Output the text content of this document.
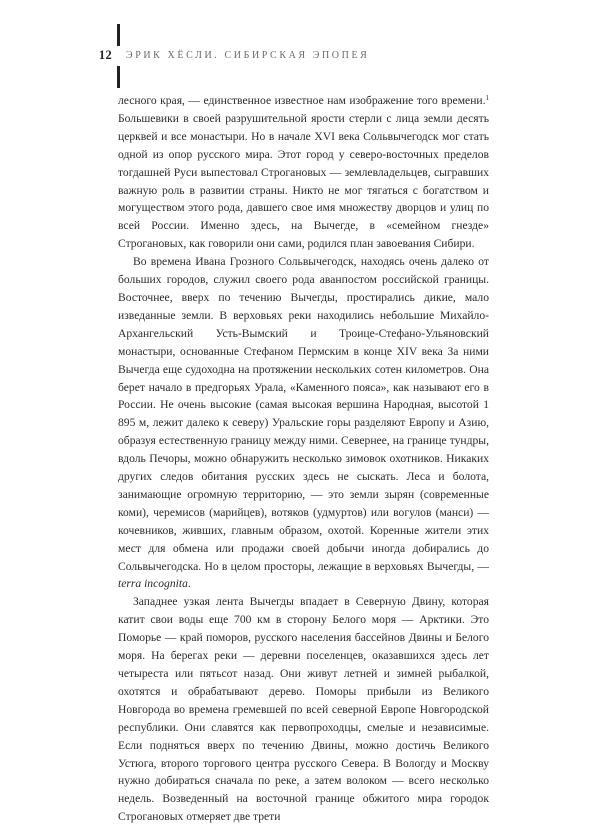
12 ЭРИК ХЁСЛИ. СИБИРСКАЯ ЭПОПЕЯ

лесного края, — единственное известное нам изображение того времени.$^1$ Большевики в своей разрушительной ярости стерли с лица земли десять церквей и все монастыри. Но в начале XVI века Сольвычегодск мог стать одной из опор русского мира. Этот город у северо-восточных пределов тогдашней Руси выпестовал Строгановых — землевладельцев, сыгравших важную роль в развитии страны. Никто не мог тягаться с богатством и могуществом этого рода, давшего свое имя множеству дворцов и улиц по всей России. Именно здесь, на Вычегде, в «семейном гнезде» Строгановых, как говорили они сами, родился план завоевания Сибири.

Во времена Ивана Грозного Сольвычегодск, находясь очень далеко от больших городов, служил своего рода аванпостом российской границы. Восточнее, вверх по течению Вычегды, простирались дикие, мало изведанные земли. В верховьях реки находились небольшие Михайло-Архангельский Усть-Вымский и Троице-Стефано-Ульяновский монастыри, основанные Стефаном Пермским в конце XIV века За ними Вычегда еще судоходна на протяжении нескольких сотен километров. Она берет начало в предгорьях Урала, «Каменного пояса», как называют его в России. Не очень высокие (самая высокая вершина Народная, высотой 1 895 м, лежит далеко к северу) Уральские горы разделяют Европу и Азию, образуя естественную границу между ними. Севернее, на границе тундры, вдоль Печоры, можно обнаружить несколько зимовок охотников. Никаких других следов обитания русских здесь не сыскать. Леса и болота, занимающие огромную территорию, — это земли зырян (современные коми), черемисов (марийцев), вотяков (удмуртов) или вогулов (манси) — кочевников, живших, главным образом, охотой. Коренные жители этих мест для обмена или продажи своей добычи иногда добирались до Сольвычегодска. Но в целом просторы, лежащие в верховьях Вычегды, — terra incognita.

Западнее узкая лента Вычегды впадает в Северную Двину, которая катит свои воды еще 700 км в сторону Белого моря — Арктики. Это Поморье — край поморов, русского населения бассейнов Двины и Белого моря. На берегах реки — деревни поселенцев, оказавшихся здесь лет четыреста или пятьсот назад. Они живут летней и зимней рыбалкой, охотятся и обрабатывают дерево. Поморы прибыли из Великого Новгорода во времена гремевшей по всей северной Европе Новгородской республики. Они славятся как первопроходцы, смелые и независимые. Если подняться вверх по течению Двины, можно достичь Великого Устюга, второго торгового центра русского Севера. В Вологду и Москву нужно добираться сначала по реке, а затем волоком — всего несколько недель. Возведенный на восточной границе обжитого мира городок Строгановых отмеряет две трети
